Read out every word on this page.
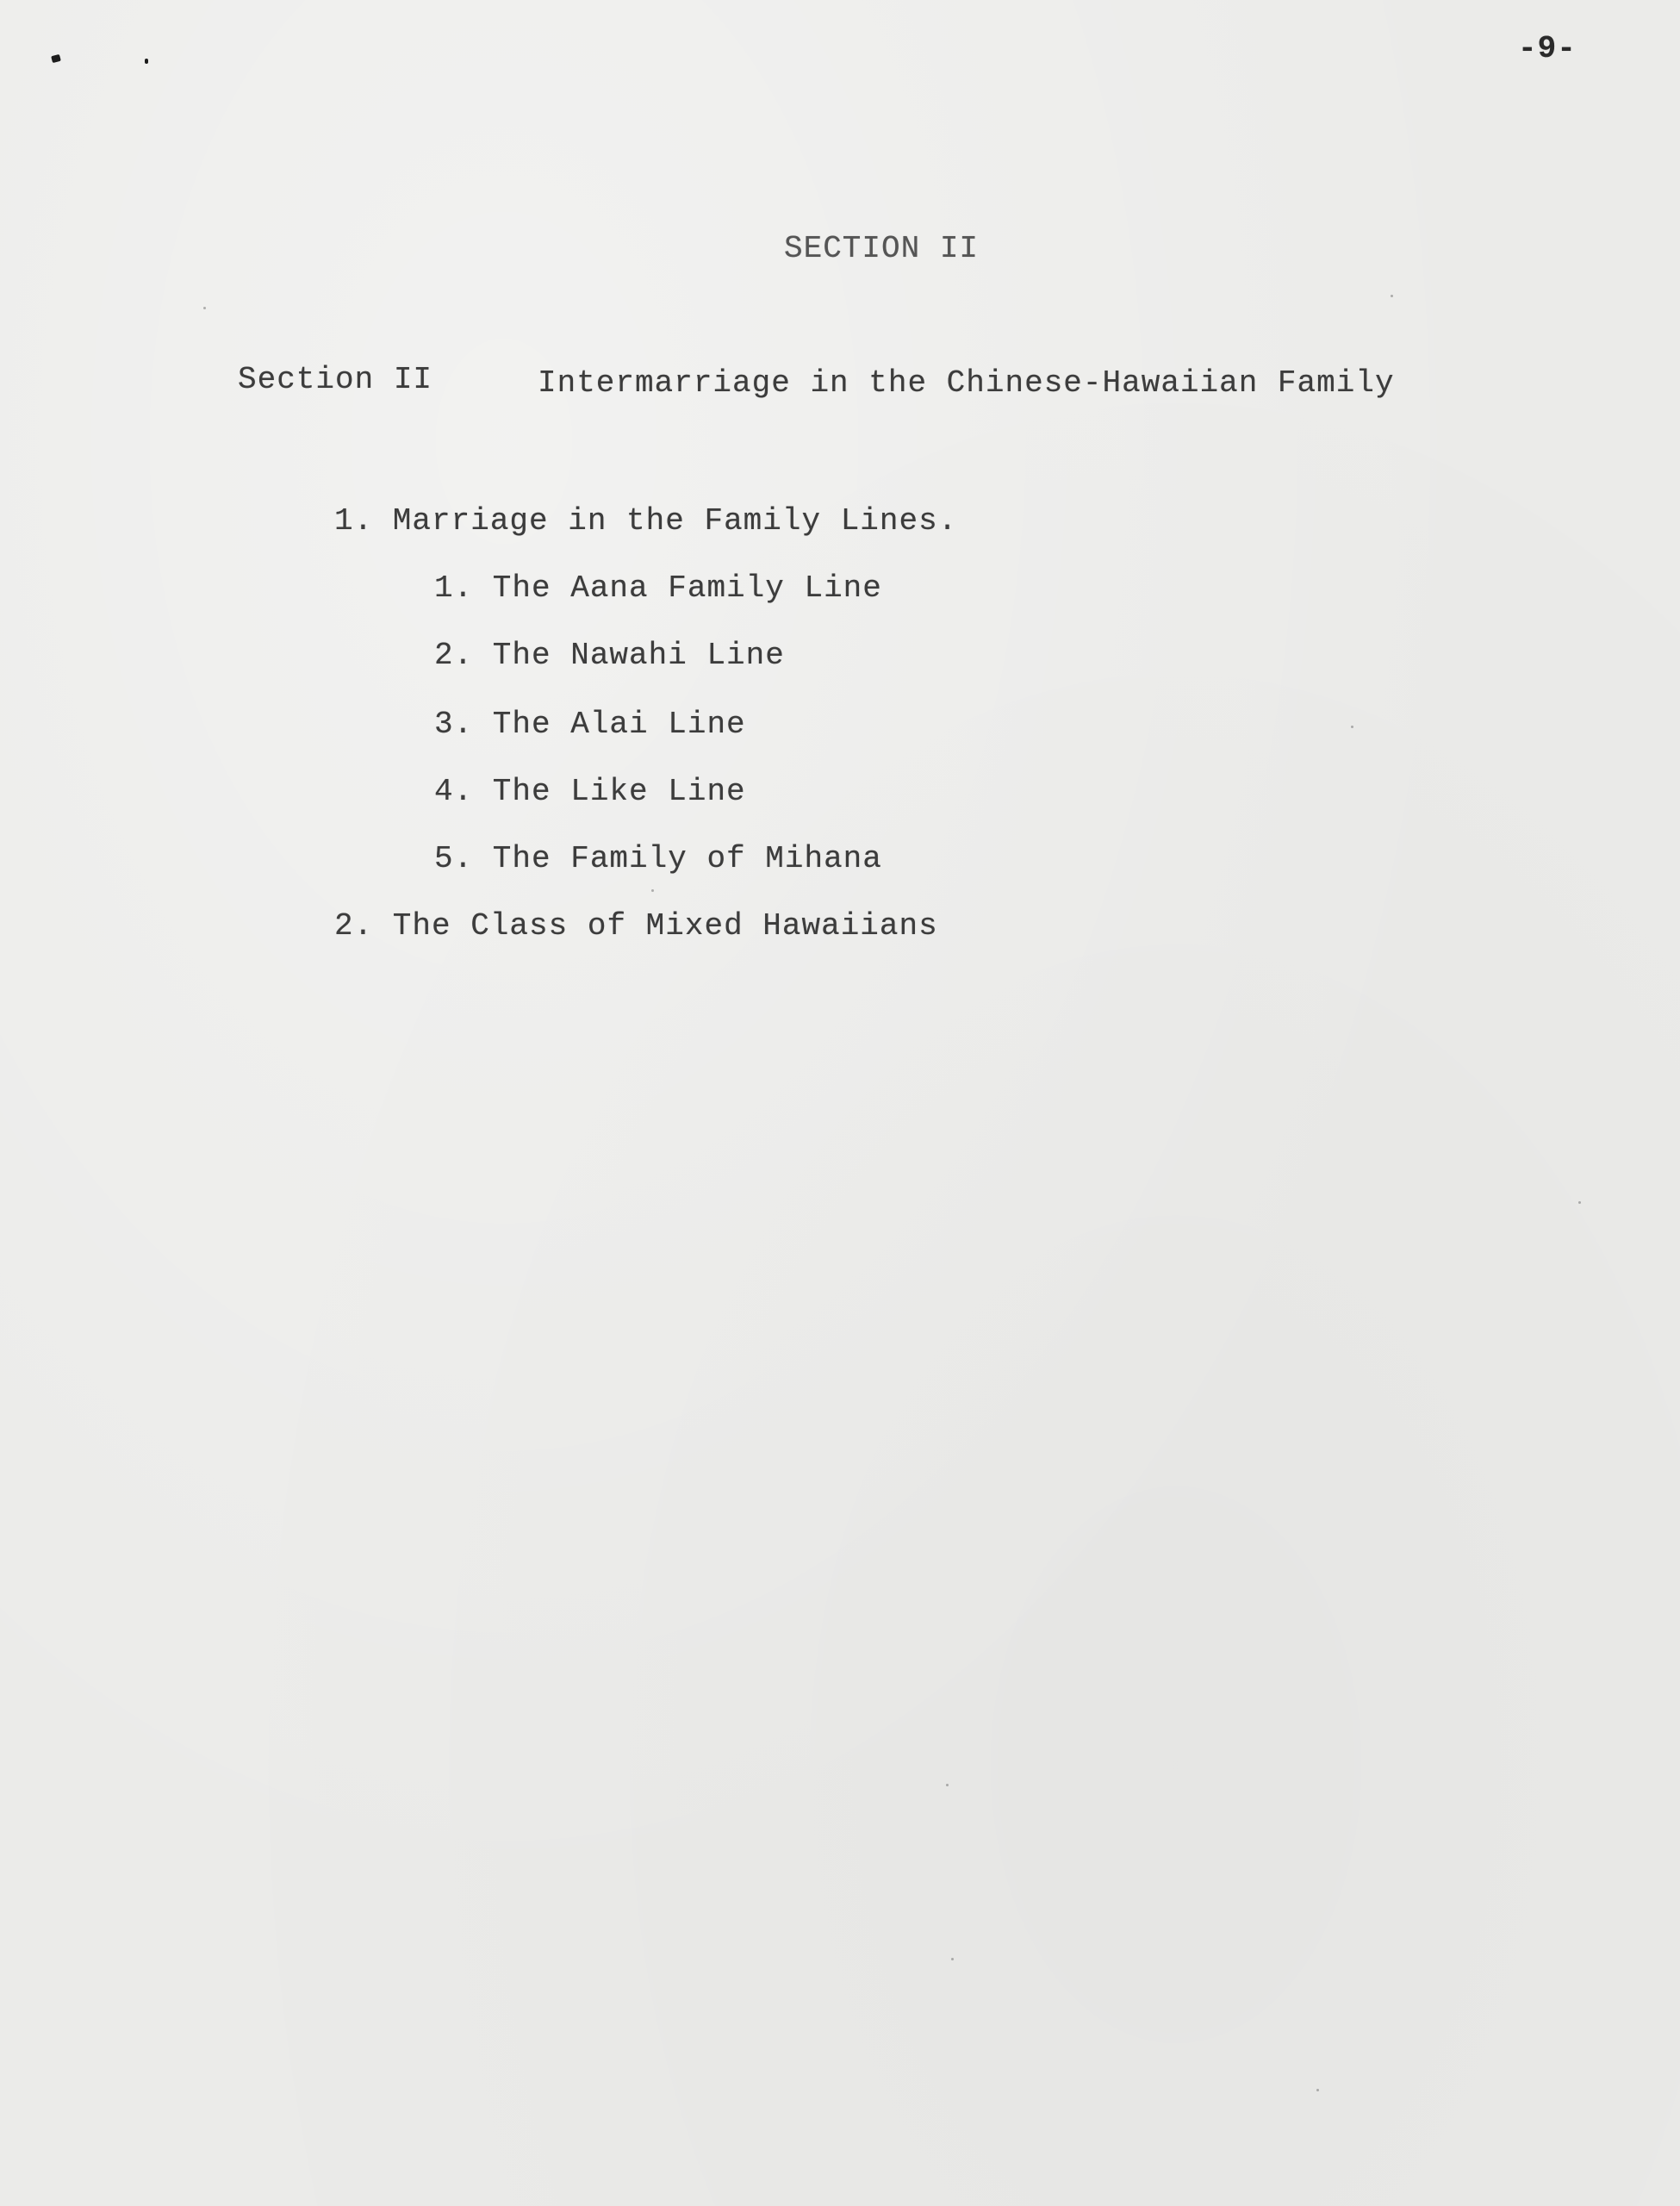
-9-
SECTION II
Section II	Intermarriage in the Chinese-Hawaiian Family
1. Marriage in the Family Lines.
1. The Aana Family Line
2. The Nawahi Line
3. The Alai Line
4. The Like Line
5. The Family of Mihana
2. The Class of Mixed Hawaiians
